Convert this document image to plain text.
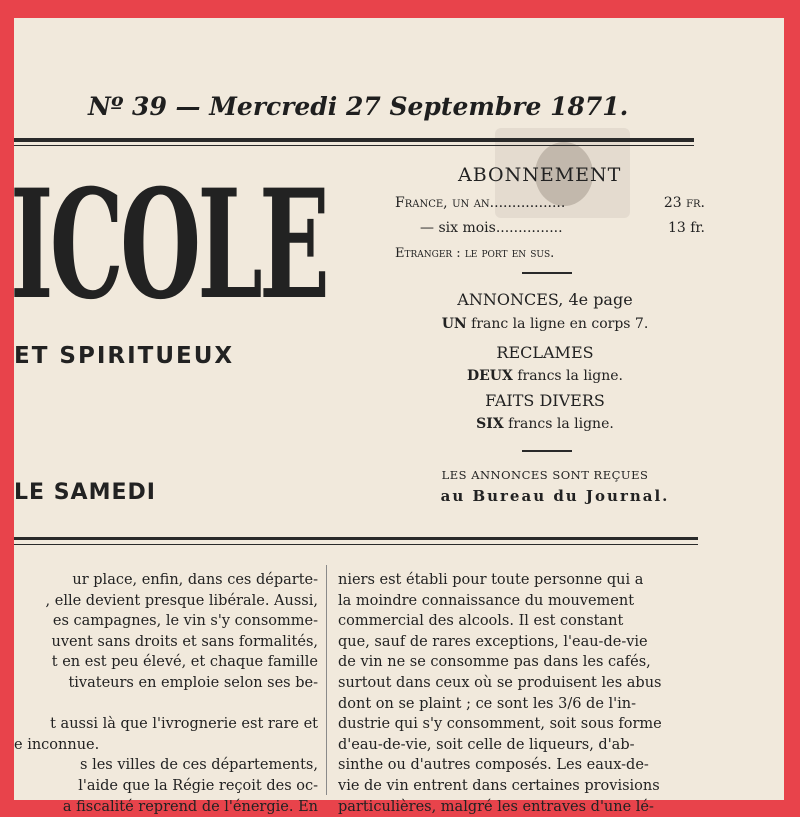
Nº 39 — Mercredi 27 Septembre 1871.
ICOLE
ET SPIRITUEUX
LE SAMEDI
ABONNEMENT
France, un an.................	23 fr.
— six mois...............	13 fr.
Etranger : le port en sus.
ANNONCES, 4e page
UN franc la ligne en corps 7.
RECLAMES
DEUX francs la ligne.
FAITS DIVERS
SIX francs la ligne.
LES ANNONCES SONT REÇUES
au Bureau du Journal.
ur place, enfin, dans ces départe-
, elle devient presque libérale. Aussi,
es campagnes, le vin s'y consomme-
uvent sans droits et sans formalités,
t en est peu élevé, et chaque famille
tivateurs en emploie selon ses be-
t aussi là que l'ivrognerie est rare et
e inconnue.
s les villes de ces départements,
l'aide que la Régie reçoit des oc-
a fiscalité reprend de l'énergie. En
niers est établi pour toute personne qui a
la moindre connaissance du mouvement
commercial des alcools. Il est constant
que, sauf de rares exceptions, l'eau-de-vie
de vin ne se consomme pas dans les cafés,
surtout dans ceux où se produisent les abus
dont on se plaint ; ce sont les 3/6 de l'in-
dustrie qui s'y consomment, soit sous forme
d'eau-de-vie, soit celle de liqueurs, d'ab-
sinthe ou d'autres composés. Les eaux-de-
vie de vin entrent dans certaines provisions
particulières, malgré les entraves d'une lé-
